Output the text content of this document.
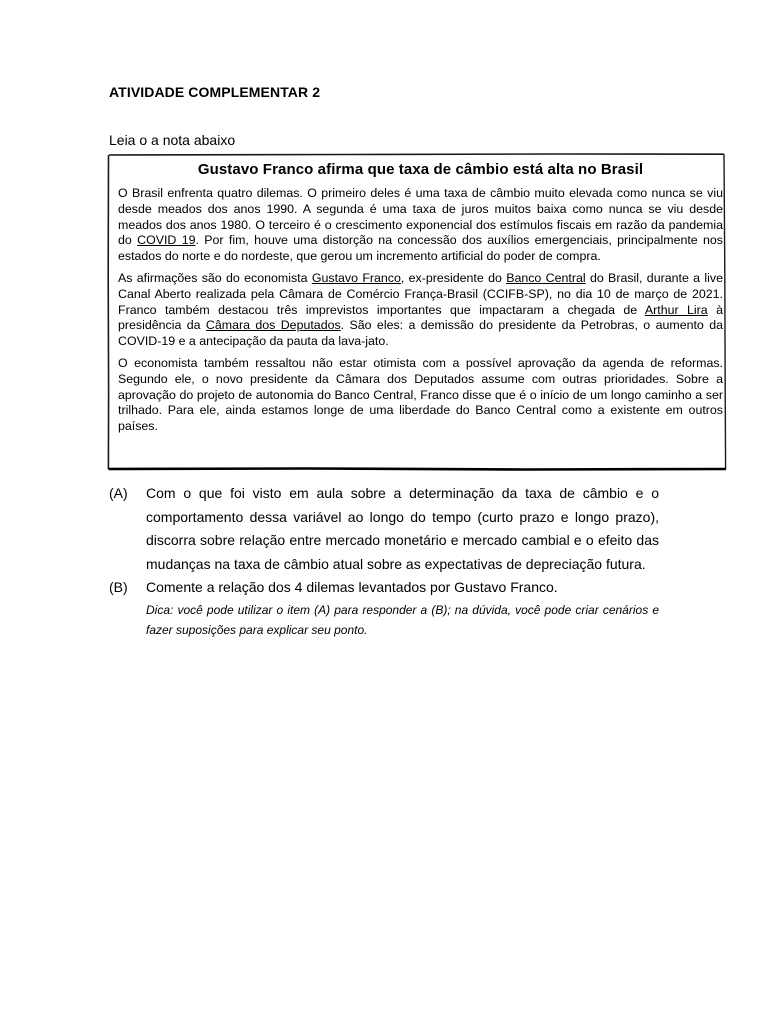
ATIVIDADE COMPLEMENTAR 2

Leia o a nota abaixo

Gustavo Franco afirma que taxa de câmbio está alta no Brasil

O Brasil enfrenta quatro dilemas. O primeiro deles é uma taxa de câmbio muito elevada como nunca se viu desde meados dos anos 1990. A segunda é uma taxa de juros muitos baixa como nunca se viu desde meados dos anos 1980. O terceiro é o crescimento exponencial dos estímulos fiscais em razão da pandemia do COVID 19. Por fim, houve uma distorção na concessão dos auxílios emergenciais, principalmente nos estados do norte e do nordeste, que gerou um incremento artificial do poder de compra.

As afirmações são do economista Gustavo Franco, ex-presidente do Banco Central do Brasil, durante a live Canal Aberto realizada pela Câmara de Comércio França-Brasil (CCIFB-SP), no dia 10 de março de 2021. Franco também destacou três imprevistos importantes que impactaram a chegada de Arthur Lira à presidência da Câmara dos Deputados. São eles: a demissão do presidente da Petrobras, o aumento da COVID-19 e a antecipação da pauta da lava-jato.

O economista também ressaltou não estar otimista com a possível aprovação da agenda de reformas. Segundo ele, o novo presidente da Câmara dos Deputados assume com outras prioridades. Sobre a aprovação do projeto de autonomia do Banco Central, Franco disse que é o início de um longo caminho a ser trilhado. Para ele, ainda estamos longe de uma liberdade do Banco Central como a existente em outros países.

(A)	Com o que foi visto em aula sobre a determinação da taxa de câmbio e o comportamento dessa variável ao longo do tempo (curto prazo e longo prazo), discorra sobre relação entre mercado monetário e mercado cambial e o efeito das mudanças na taxa de câmbio atual sobre as expectativas de depreciação futura.

(B)	Comente a relação dos 4 dilemas levantados por Gustavo Franco.

Dica: você pode utilizar o item (A) para responder a (B); na dúvida, você pode criar cenários e fazer suposições para explicar seu ponto.
